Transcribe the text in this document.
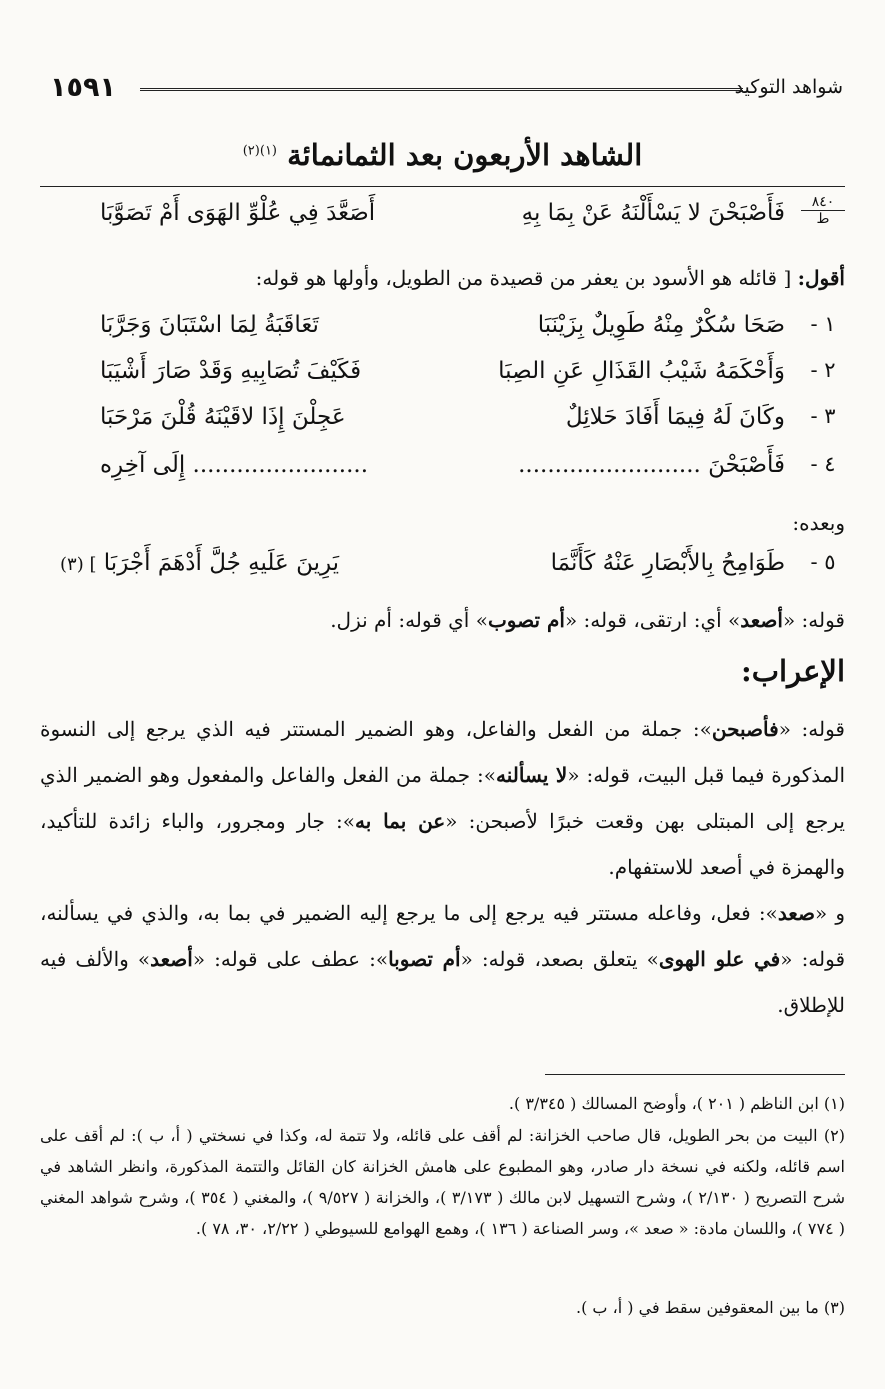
شواهد التوكيد
١٥٩١
الشاهد الأربعون بعد الثمانمائة $^{(١)(٢)}$
٨٤٠
ط
فَأَصْبَحْنَ لا يَسْأَلْنَهُ عَنْ بِمَا بِهِ
أَصَعَّدَ فِي عُلْوِّ الهَوَى أَمْ تَصَوَّبَا
أقول: [ قائله هو الأسود بن يعفر من قصيدة من الطويل، وأولها هو قوله:
١ -
صَحَا سُكْرٌ مِنْهُ طَوِيلٌ بِزَيْنَبَا
تَعَاقَبَةُ لِمَا اسْتَبَانَ وَجَرَّبَا
٢ -
وَأَحْكَمَهُ شَيْبُ القَذَالِ عَنِ الصِبَا
فَكَيْفَ تُصَابِيهِ وَقَدْ صَارَ أَشْيَبَا
٣ -
وكَانَ لَهُ فِيمَا أَفَادَ حَلائِلٌ
عَجِلْنَ إِذَا لاقَيْنَهُ قُلْنَ مَرْحَبَا
٤ -
فَأَصْبَحْنَ .........................
........................ إِلَى آخِرِه
وبعده:
٥ -
طَوَامِحُ بِالأَبْصَارِ عَنْهُ كَأَنَّمَا
يَرِينَ عَلَيهِ جُلَّ أَدْهَمَ أَجْرَبَا ] (٣)
قوله: «أصعد» أي: ارتقى، قوله: «أم تصوب» أي قوله: أم نزل.
الإعراب:
قوله: «فأصبحن»: جملة من الفعل والفاعل، وهو الضمير المستتر فيه الذي يرجع إلى النسوة المذكورة فيما قبل البيت، قوله: «لا يسألنه»: جملة من الفعل والفاعل والمفعول وهو الضمير الذي يرجع إلى المبتلى بهن وقعت خبرًا لأصبحن: «عن بما به»: جار ومجرور، والباء زائدة للتأكيد، والهمزة في أصعد للاستفهام.
و «صعد»: فعل، وفاعله مستتر فيه يرجع إلى ما يرجع إليه الضمير في بما به، والذي في يسألنه، قوله: «في علو الهوى» يتعلق بصعد، قوله: «أم تصوبا»: عطف على قوله: «أصعد» والألف فيه للإطلاق.
(١) ابن الناظم ( ٢٠١ )، وأوضح المسالك ( ٣/٣٤٥ ).
(٢) البيت من بحر الطويل، قال صاحب الخزانة: لم أقف على قائله، ولا تتمة له، وكذا في نسختي ( أ، ب ): لم أقف على اسم قائله، ولكنه في نسخة دار صادر، وهو المطبوع على هامش الخزانة كان القائل والتتمة المذكورة، وانظر الشاهد في شرح التصريح ( ٢/١٣٠ )، وشرح التسهيل لابن مالك ( ٣/١٧٣ )، والخزانة ( ٩/٥٢٧ )، والمغني ( ٣٥٤ )، وشرح شواهد المغني ( ٧٧٤ )، واللسان مادة: « صعد »، وسر الصناعة ( ١٣٦ )، وهمع الهوامع للسيوطي ( ٢/٢٢، ٣٠، ٧٨ ).
(٣) ما بين المعقوفين سقط في ( أ، ب ).
